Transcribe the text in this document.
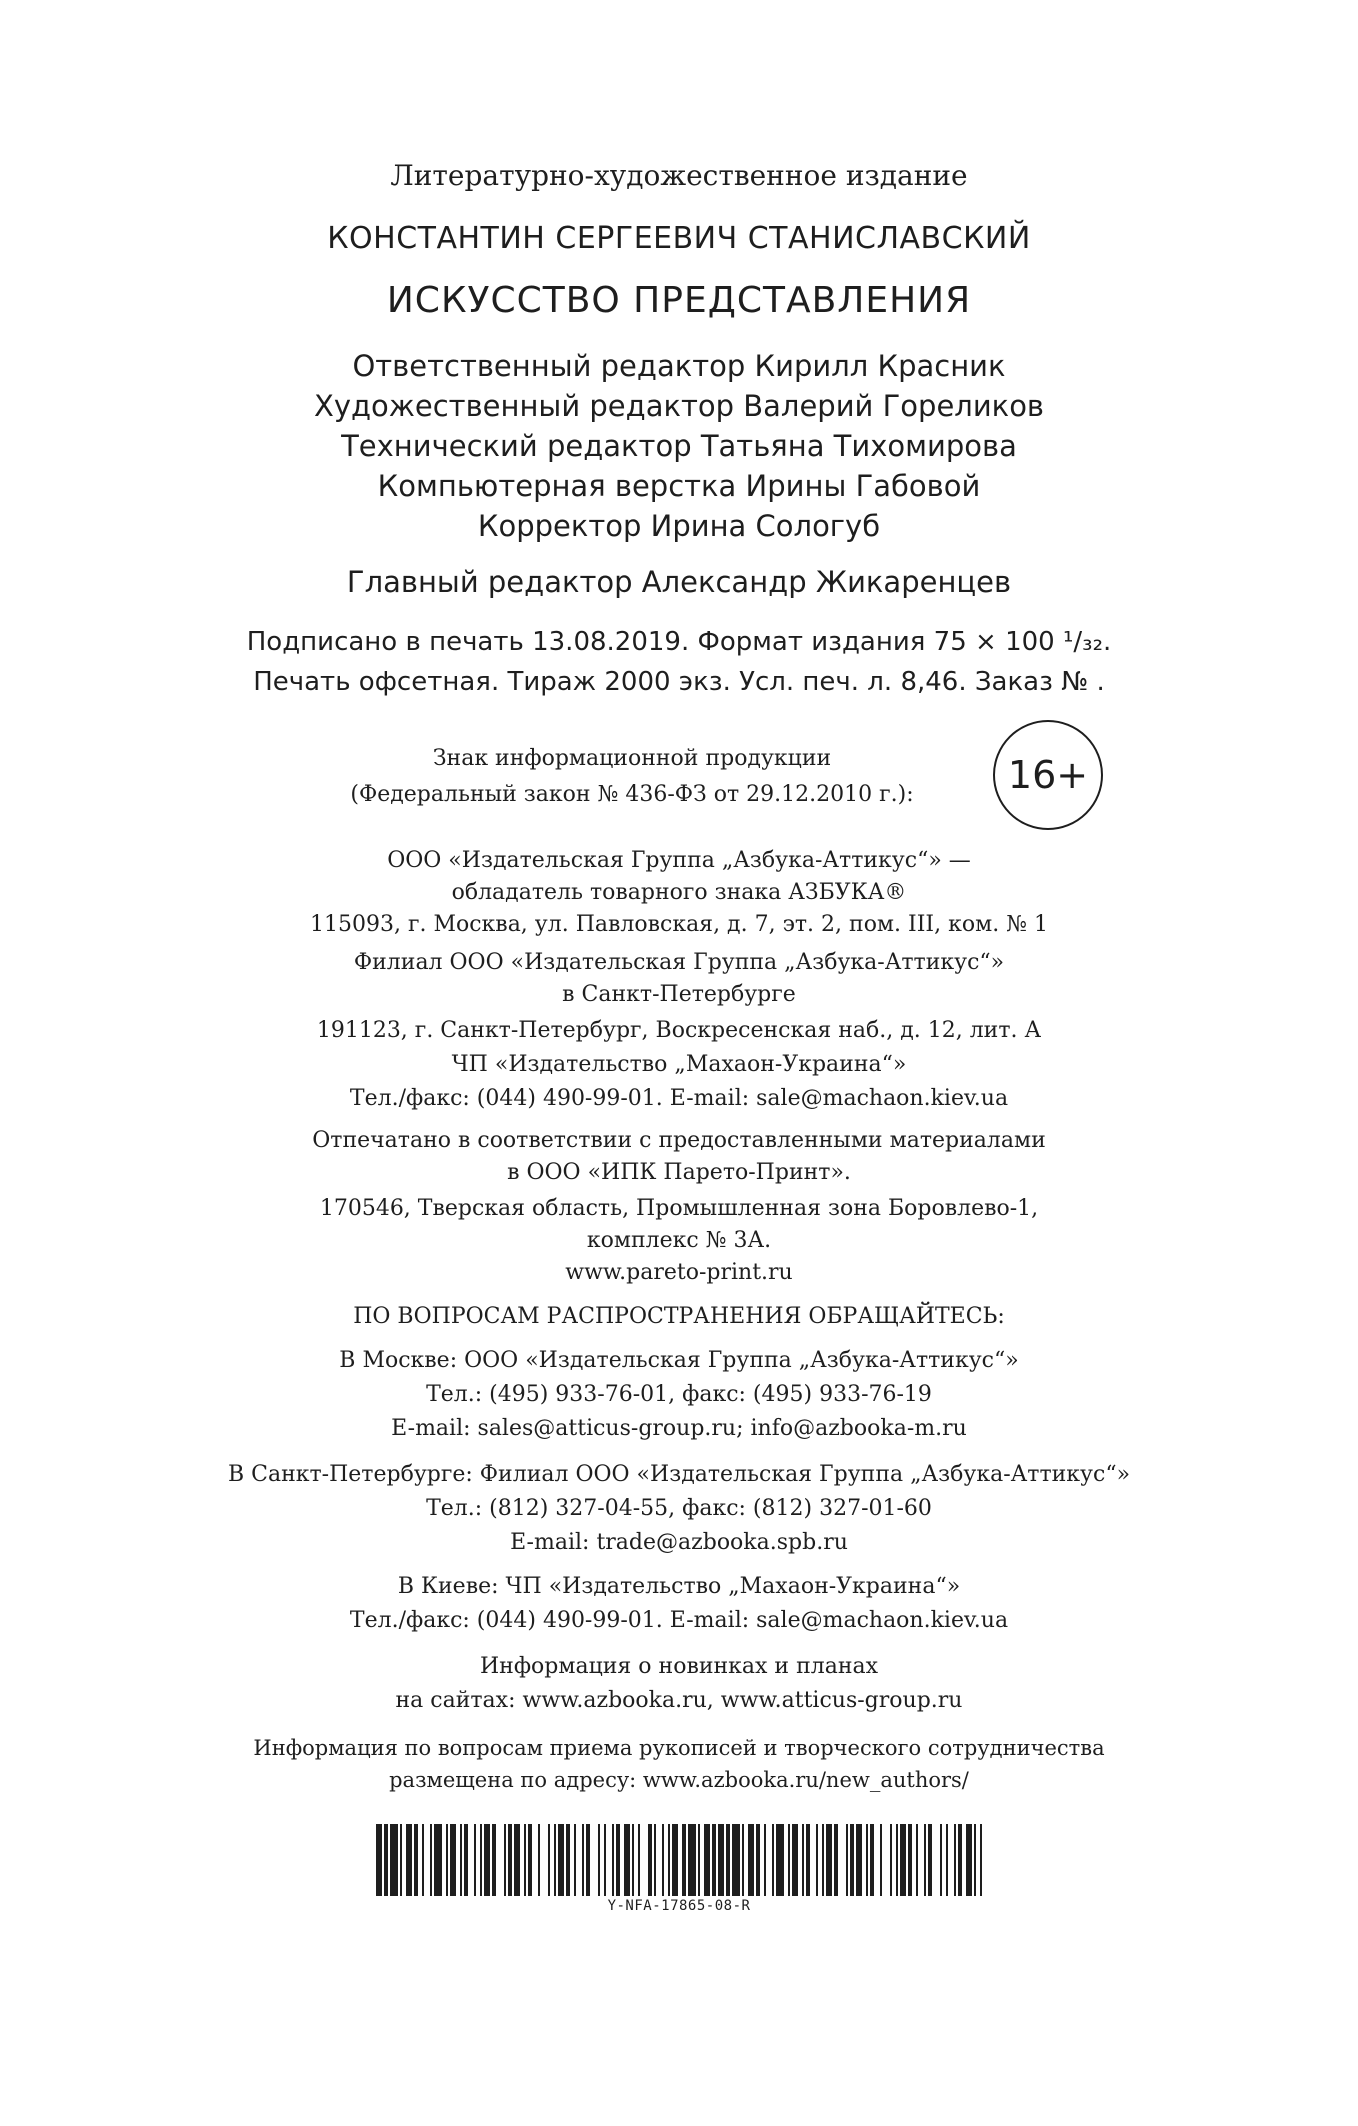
Литературно-художественное издание
КОНСТАНТИН СЕРГЕЕВИЧ СТАНИСЛАВСКИЙ
ИСКУССТВО ПРЕДСТАВЛЕНИЯ
Ответственный редактор Кирилл Красник
Художественный редактор Валерий Гореликов
Технический редактор Татьяна Тихомирова
Компьютерная верстка Ирины Габовой
Корректор Ирина Сологуб
Главный редактор Александр Жикаренцев
Подписано в печать 13.08.2019. Формат издания 75 × 100 ¹/₃₂.
Печать офсетная. Тираж 2000 экз. Усл. печ. л. 8,46. Заказ № .
Знак информационной продукции
(Федеральный закон № 436-ФЗ от 29.12.2010 г.):	16+
ООО «Издательская Группа „Азбука-Аттикус“» —
обладатель товарного знака АЗБУКА®
115093, г. Москва, ул. Павловская, д. 7, эт. 2, пом. III, ком. № 1
Филиал ООО «Издательская Группа „Азбука-Аттикус“»
в Санкт-Петербурге
191123, г. Санкт-Петербург, Воскресенская наб., д. 12, лит. А
ЧП «Издательство „Махаон-Украина“»
Тел./факс: (044) 490-99-01. E-mail: sale@machaon.kiev.ua
Отпечатано в соответствии с предоставленными материалами
в ООО «ИПК Парето-Принт».
170546, Тверская область, Промышленная зона Боровлево-1,
комплекс № 3А.
www.pareto-print.ru
ПО ВОПРОСАМ РАСПРОСТРАНЕНИЯ ОБРАЩАЙТЕСЬ:
В Москве: ООО «Издательская Группа „Азбука-Аттикус“»
Тел.: (495) 933-76-01, факс: (495) 933-76-19
E-mail: sales@atticus-group.ru; info@azbooka-m.ru
В Санкт-Петербурге: Филиал ООО «Издательская Группа „Азбука-Аттикус“»
Тел.: (812) 327-04-55, факс: (812) 327-01-60
E-mail: trade@azbooka.spb.ru
В Киеве: ЧП «Издательство „Махаон-Украина“»
Тел./факс: (044) 490-99-01. E-mail: sale@machaon.kiev.ua
Информация о новинках и планах
на сайтах: www.azbooka.ru, www.atticus-group.ru
Информация по вопросам приема рукописей и творческого сотрудничества
размещена по адресу: www.azbooka.ru/new_authors/
Y-NFA-17865-08-R
